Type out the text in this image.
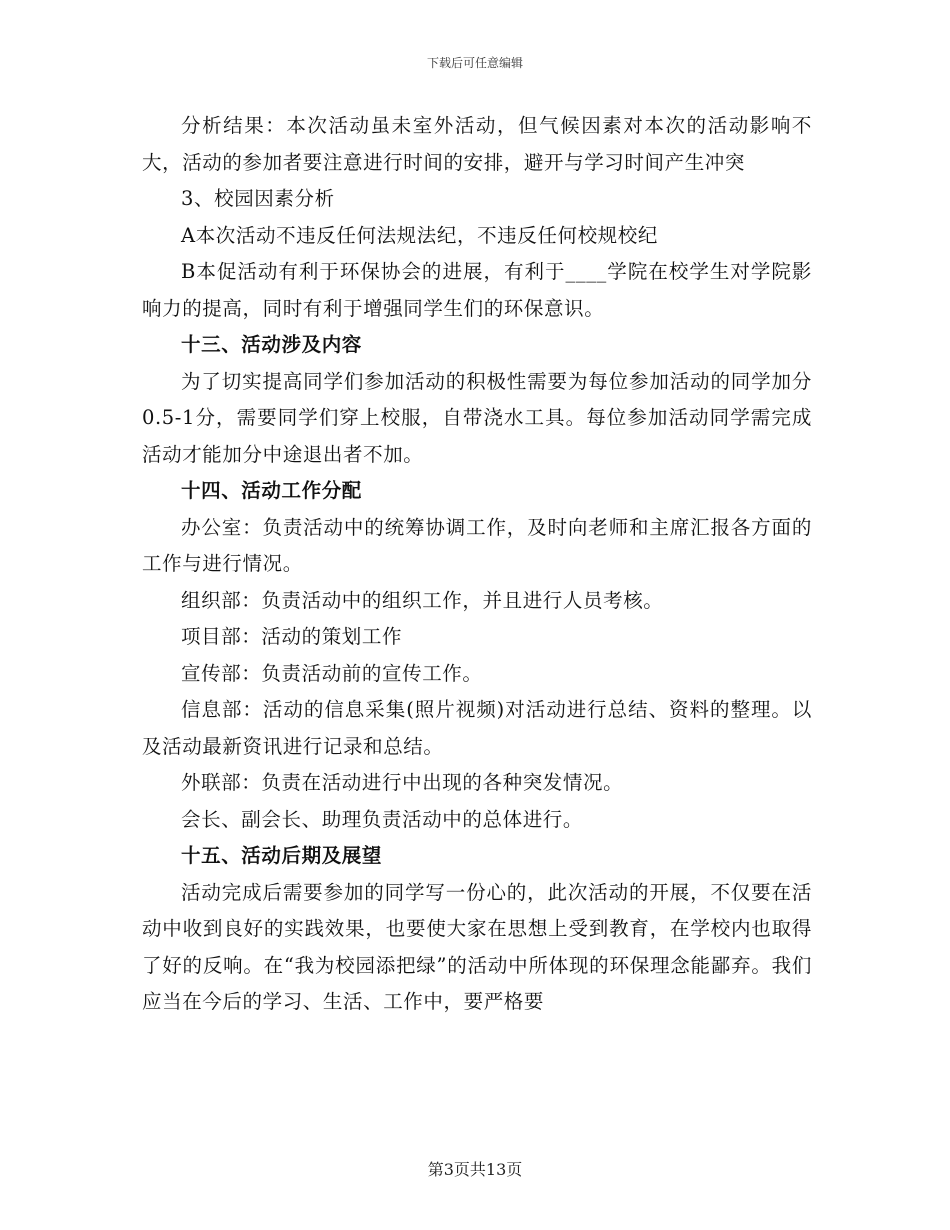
下载后可任意编辑

分析结果：本次活动虽未室外活动，但气候因素对本次的活动影响不大，活动的参加者要注意进行时间的安排，避开与学习时间产生冲突

3、校园因素分析

A本次活动不违反任何法规法纪，不违反任何校规校纪

B本促活动有利于环保协会的进展，有利于____学院在校学生对学院影响力的提高，同时有利于增强同学生们的环保意识。

十三、活动涉及内容

为了切实提高同学们参加活动的积极性需要为每位参加活动的同学加分0.5-1分，需要同学们穿上校服，自带浇水工具。每位参加活动同学需完成活动才能加分中途退出者不加。

十四、活动工作分配

办公室：负责活动中的统筹协调工作，及时向老师和主席汇报各方面的工作与进行情况。

组织部：负责活动中的组织工作，并且进行人员考核。

项目部：活动的策划工作

宣传部：负责活动前的宣传工作。

信息部：活动的信息采集(照片视频)对活动进行总结、资料的整理。以及活动最新资讯进行记录和总结。

外联部：负责在活动进行中出现的各种突发情况。

会长、副会长、助理负责活动中的总体进行。

十五、活动后期及展望

活动完成后需要参加的同学写一份心的，此次活动的开展，不仅要在活动中收到良好的实践效果，也要使大家在思想上受到教育，在学校内也取得了好的反响。在“我为校园添把绿”的活动中所体现的环保理念能鄙弃。我们应当在今后的学习、生活、工作中，要严格要

第3页共13页
